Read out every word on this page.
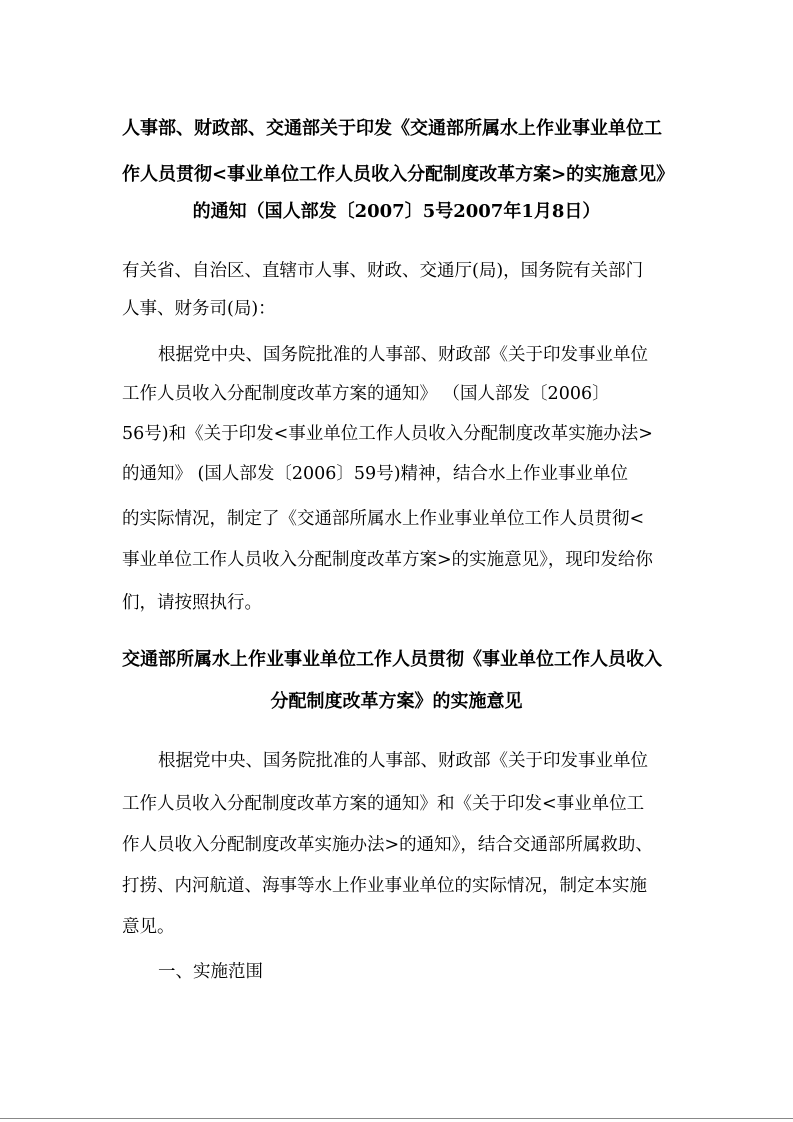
人事部、财政部、交通部关于印发《交通部所属水上作业事业单位工
作人员贯彻<事业单位工作人员收入分配制度改革方案>的实施意见》
的通知（国人部发〔2007〕5号2007年1月8日）
有关省、自治区、直辖市人事、财政、交通厅(局)，国务院有关部门
人事、财务司(局)：
根据党中央、国务院批准的人事部、财政部《关于印发事业单位
工作人员收入分配制度改革方案的通知》 （国人部发〔2006〕
56号)和《关于印发<事业单位工作人员收入分配制度改革实施办法>
的通知》 (国人部发〔2006〕59号)精神，结合水上作业事业单位
的实际情况，制定了《交通部所属水上作业事业单位工作人员贯彻<
事业单位工作人员收入分配制度改革方案>的实施意见》，现印发给你
们，请按照执行。
交通部所属水上作业事业单位工作人员贯彻《事业单位工作人员收入
分配制度改革方案》的实施意见
根据党中央、国务院批准的人事部、财政部《关于印发事业单位
工作人员收入分配制度改革方案的通知》和《关于印发<事业单位工
作人员收入分配制度改革实施办法>的通知》，结合交通部所属救助、
打捞、内河航道、海事等水上作业事业单位的实际情况，制定本实施
意见。
一、实施范围
